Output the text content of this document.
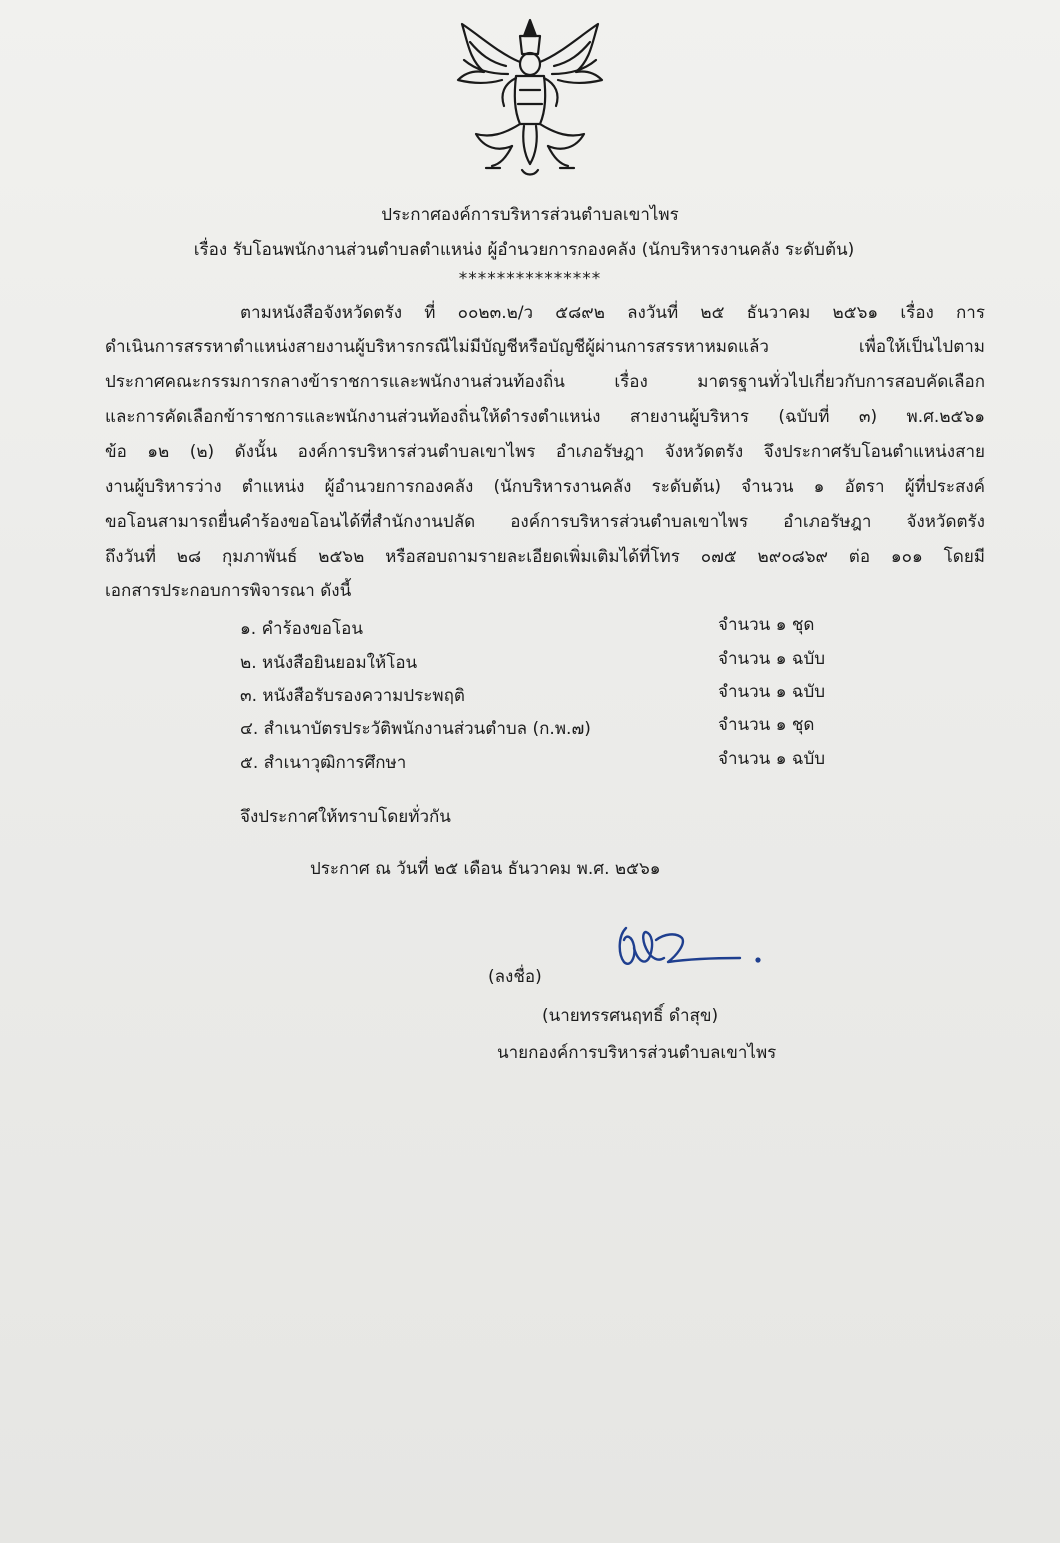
ประกาศองค์การบริหารส่วนตำบลเขาไพร
เรื่อง รับโอนพนักงานส่วนตำบลตำแหน่ง ผู้อำนวยการกองคลัง (นักบริหารงานคลัง ระดับต้น)
***************
ตามหนังสือจังหวัดตรัง ที่ ๐๐๒๓.๒/ว ๕๘๙๒ ลงวันที่ ๒๕ ธันวาคม ๒๕๖๑ เรื่อง การ
ดำเนินการสรรหาตำแหน่งสายงานผู้บริหารกรณีไม่มีบัญชีหรือบัญชีผู้ผ่านการสรรหาหมดแล้ว เพื่อให้เป็นไปตาม
ประกาศคณะกรรมการกลางข้าราชการและพนักงานส่วนท้องถิ่น เรื่อง มาตรฐานทั่วไปเกี่ยวกับการสอบคัดเลือก
และการคัดเลือกข้าราชการและพนักงานส่วนท้องถิ่นให้ดำรงตำแหน่ง สายงานผู้บริหาร (ฉบับที่ ๓) พ.ศ.๒๕๖๑
ข้อ ๑๒ (๒) ดังนั้น องค์การบริหารส่วนตำบลเขาไพร อำเภอรัษฎา จังหวัดตรัง จึงประกาศรับโอนตำแหน่งสาย
งานผู้บริหารว่าง ตำแหน่ง ผู้อำนวยการกองคลัง (นักบริหารงานคลัง ระดับต้น) จำนวน ๑ อัตรา ผู้ที่ประสงค์
ขอโอนสามารถยื่นคำร้องขอโอนได้ที่สำนักงานปลัด องค์การบริหารส่วนตำบลเขาไพร อำเภอรัษฎา จังหวัดตรัง
ถึงวันที่ ๒๘ กุมภาพันธ์ ๒๕๖๒ หรือสอบถามรายละเอียดเพิ่มเติมได้ที่โทร ๐๗๕ ๒๙๐๘๖๙ ต่อ ๑๐๑ โดยมี
เอกสารประกอบการพิจารณา ดังนี้
๑. คำร้องขอโอน	จำนวน ๑ ชุด
๒. หนังสือยินยอมให้โอน	จำนวน ๑ ฉบับ
๓. หนังสือรับรองความประพฤติ	จำนวน ๑ ฉบับ
๔. สำเนาบัตรประวัติพนักงานส่วนตำบล (ก.พ.๗)	จำนวน ๑ ชุด
๕. สำเนาวุฒิการศึกษา	จำนวน ๑ ฉบับ
จึงประกาศให้ทราบโดยทั่วกัน
ประกาศ ณ วันที่ ๒๕ เดือน ธันวาคม พ.ศ. ๒๕๖๑
(ลงชื่อ)
(นายทรรศนฤทธิ์ ดำสุข)
นายกองค์การบริหารส่วนตำบลเขาไพร
